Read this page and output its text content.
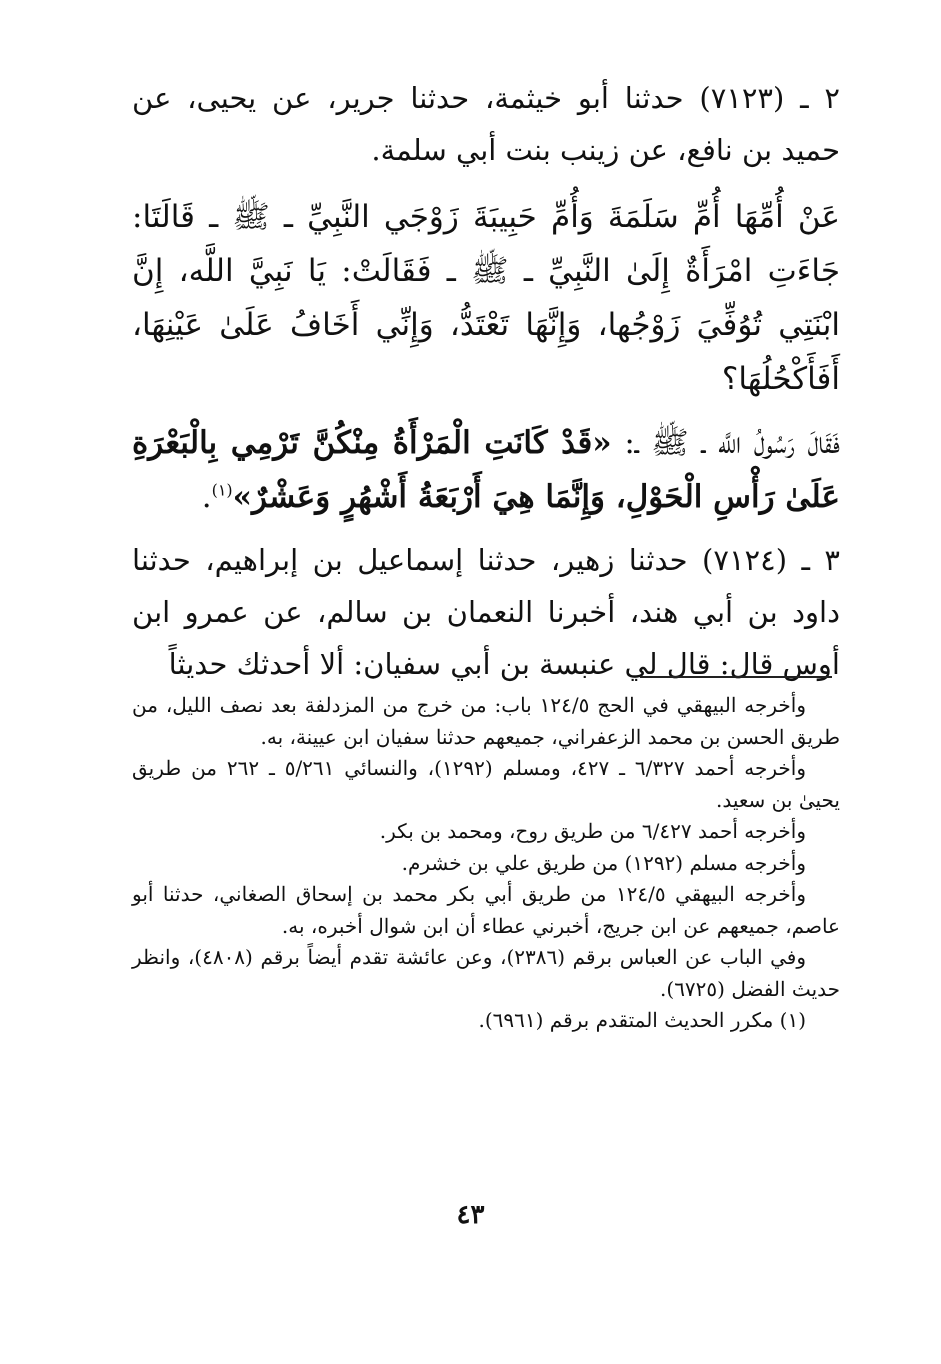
٢ ـ (٧١٢٣) حدثنا أبو خيثمة، حدثنا جرير، عن يحيى، عن حميد بن نافع، عن زينب بنت أبي سلمة.

عَنْ أُمِّهَا أُمِّ سَلَمَةَ وَأُمِّ حَبِيبَةَ زَوْجَي النَّبِيِّ ـ ﷺ ـ قَالَتَا: جَاءَتِ امْرَأَةٌ إِلَىٰ النَّبِيِّ ـ ﷺ ـ فَقَالَتْ: يَا نَبِيَّ اللَّه، إِنَّ ابْنَتِي تُوُفِّيَ زَوْجُها، وَإِنَّهَا تَعْتَدُّ، وَإِنِّي أَخَافُ عَلَىٰ عَيْنِهَا، أَفَأَكْحُلُهَا؟

فَقَالَ رَسُولُ اللَّه ـ ﷺ ـ: «قَدْ كَانَتِ الْمَرْأَةُ مِنْكُنَّ تَرْمِي بِالْبَعْرَةِ عَلَىٰ رَأْسِ الْحَوْلِ، وَإِنَّمَا هِيَ أَرْبَعَةُ أَشْهُرٍ وَعَشْرٌ»$^{(١)}$.

٣ ـ (٧١٢٤) حدثنا زهير، حدثنا إسماعيل بن إبراهيم، حدثنا داود بن أبي هند، أخبرنا النعمان بن سالم، عن عمرو ابن أوس قال: قال لي عنبسة بن أبي سفيان: ألا أحدثك حديثاً

وأخرجه البيهقي في الحج ١٢٤/٥ باب: من خرج من المزدلفة بعد نصف الليل، من طريق الحسن بن محمد الزعفراني، جميعهم حدثنا سفيان ابن عيينة، به.

وأخرجه أحمد ٦/٣٢٧ ـ ٤٢٧، ومسلم (١٢٩٢)، والنسائي ٥/٢٦١ ـ ٢٦٢ من طريق يحيىٰ بن سعيد.

وأخرجه أحمد ٦/٤٢٧ من طريق روح، ومحمد بن بكر.

وأخرجه مسلم (١٢٩٢) من طريق علي بن خشرم.

وأخرجه البيهقي ١٢٤/٥ من طريق أبي بكر محمد بن إسحاق الصغاني، حدثنا أبو عاصم، جميعهم عن ابن جريج، أخبرني عطاء أن ابن شوال أخبره، به.

وفي الباب عن العباس برقم (٢٣٨٦)، وعن عائشة تقدم أيضاً برقم (٤٨٠٨)، وانظر حديث الفضل (٦٧٢٥).

(١) مكرر الحديث المتقدم برقم (٦٩٦١).

٤٣
